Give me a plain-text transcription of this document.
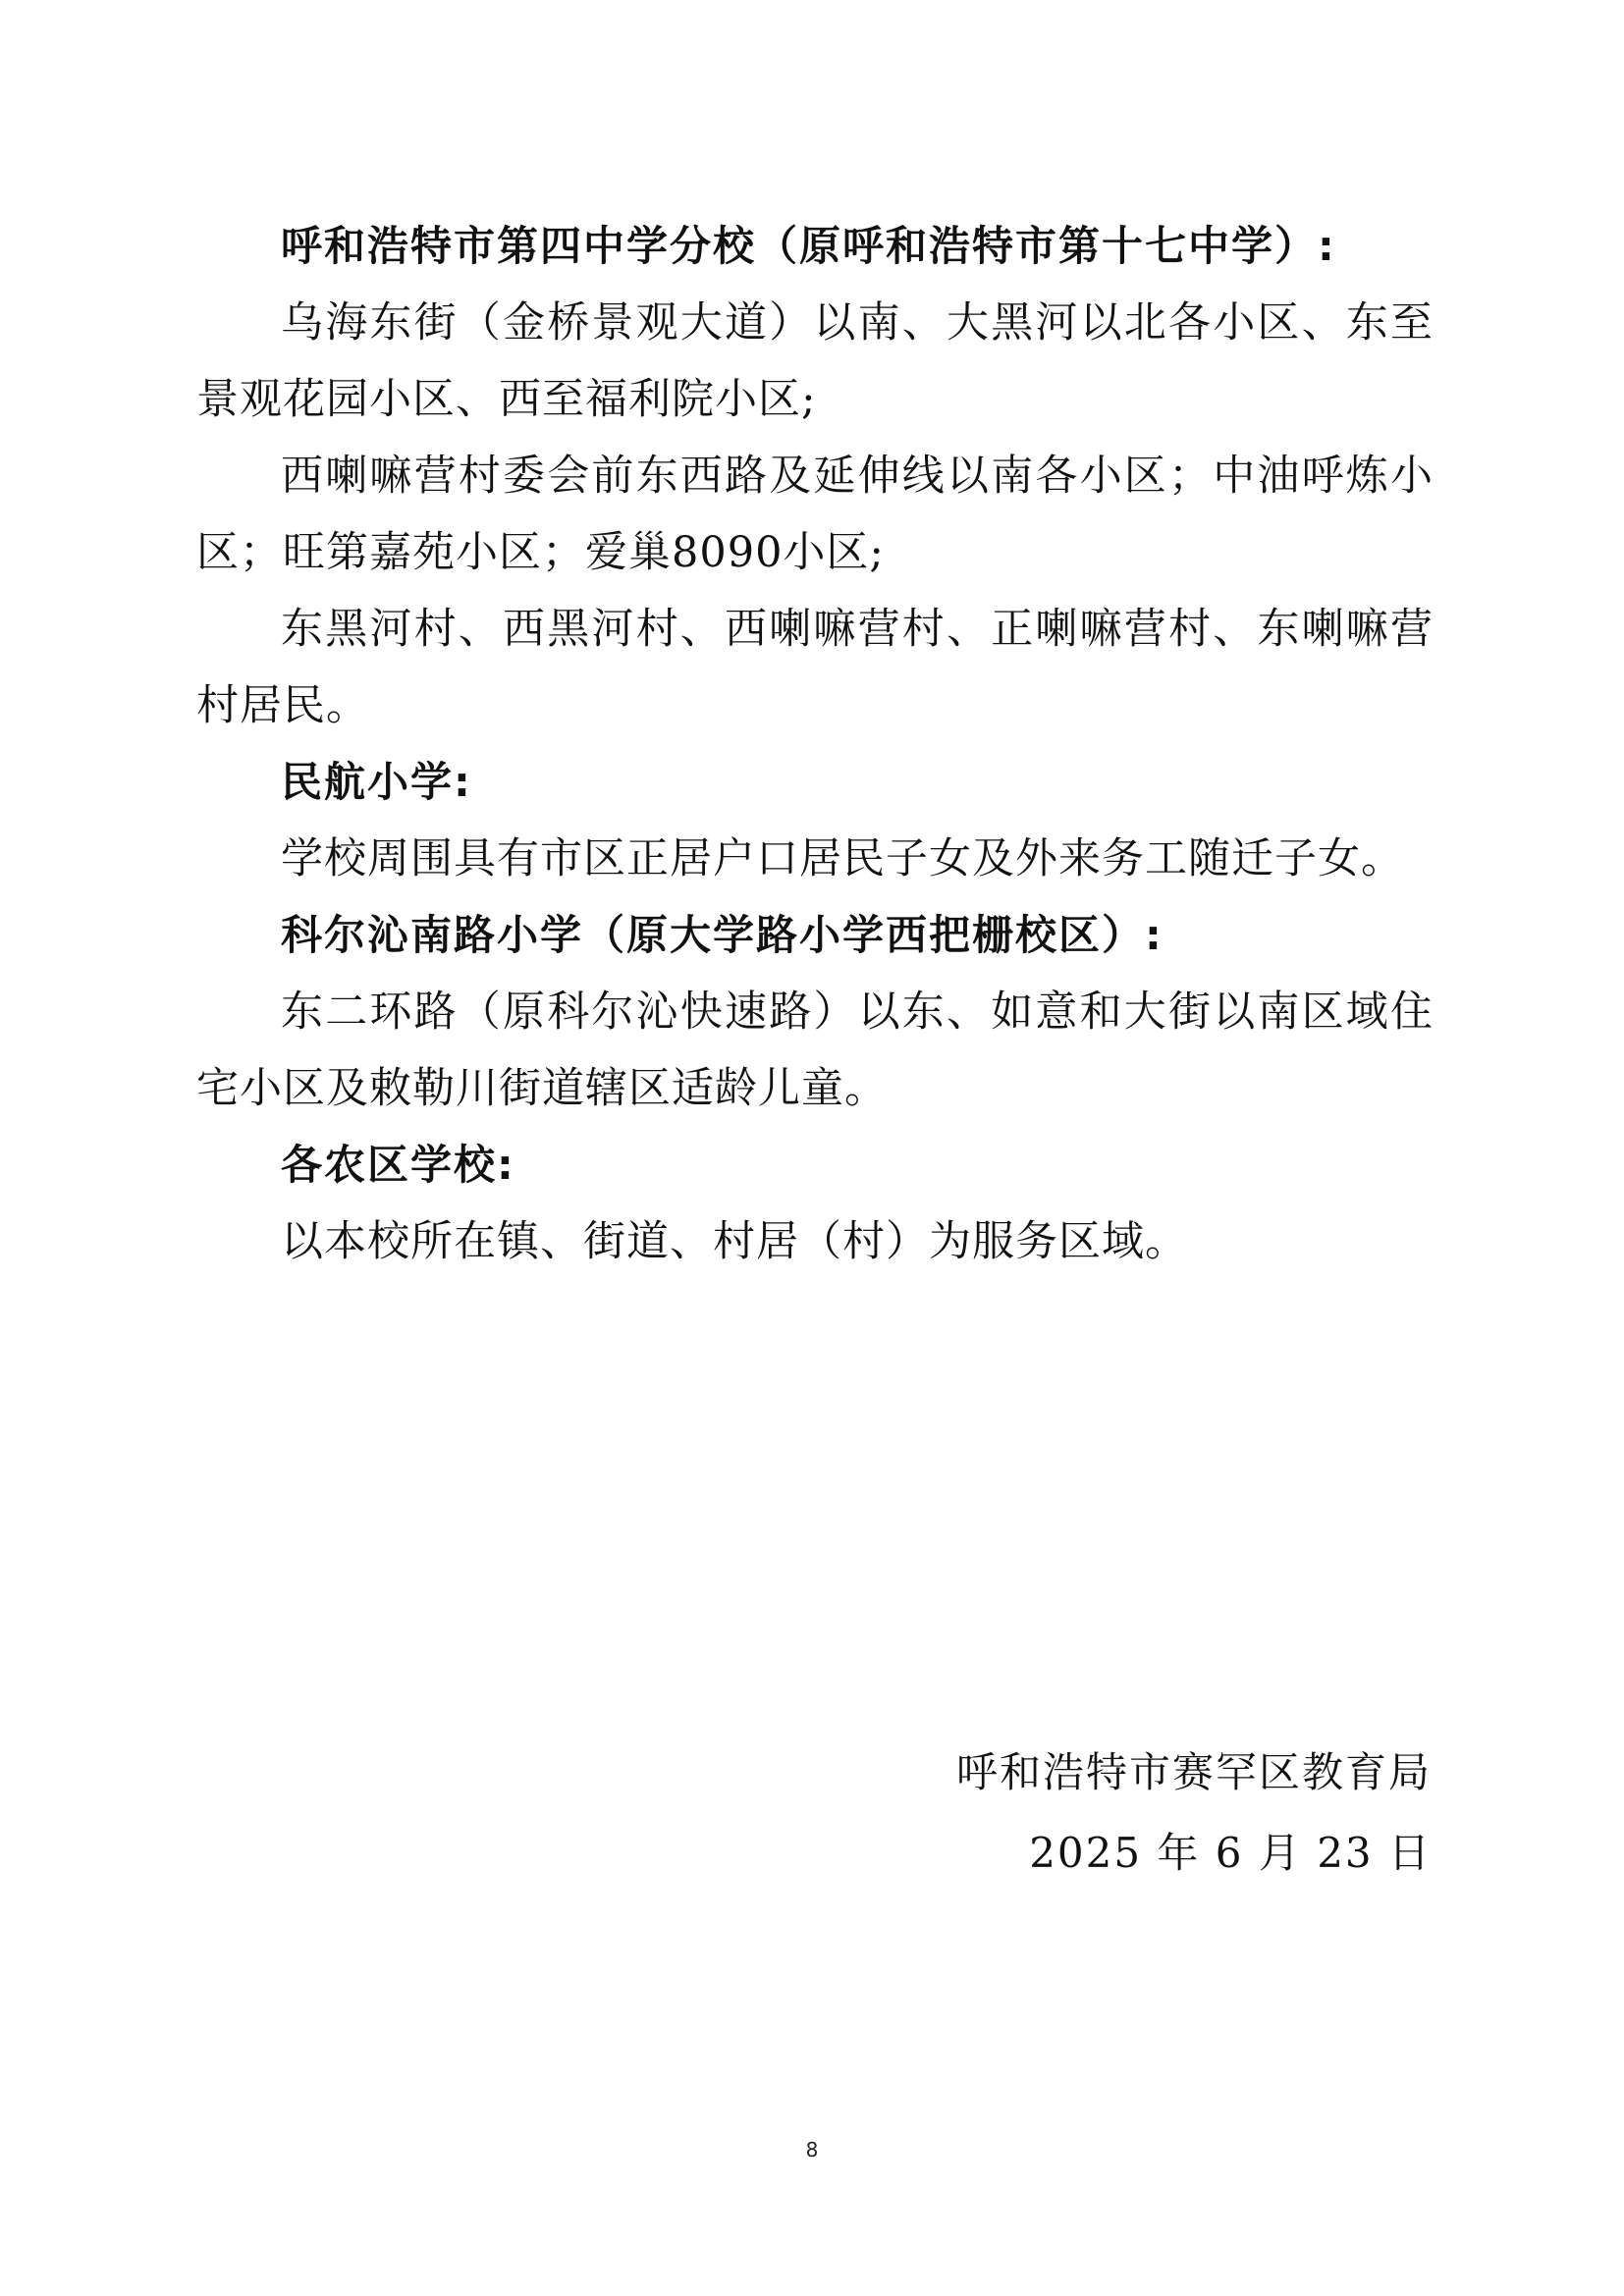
呼和浩特市第四中学分校（原呼和浩特市第十七中学）:

乌海东街（金桥景观大道）以南、大黑河以北各小区、东至景观花园小区、西至福利院小区;

西喇嘛营村委会前东西路及延伸线以南各小区；中油呼炼小区；旺第嘉苑小区；爱巢8090小区;

东黑河村、西黑河村、西喇嘛营村、正喇嘛营村、东喇嘛营村居民。

民航小学:

学校周围具有市区正居户口居民子女及外来务工随迁子女。

科尔沁南路小学（原大学路小学西把栅校区）:

东二环路（原科尔沁快速路）以东、如意和大街以南区域住宅小区及敕勒川街道辖区适龄儿童。

各农区学校:

以本校所在镇、街道、村居（村）为服务区域。

呼和浩特市赛罕区教育局
2025 年 6 月 23 日
8
